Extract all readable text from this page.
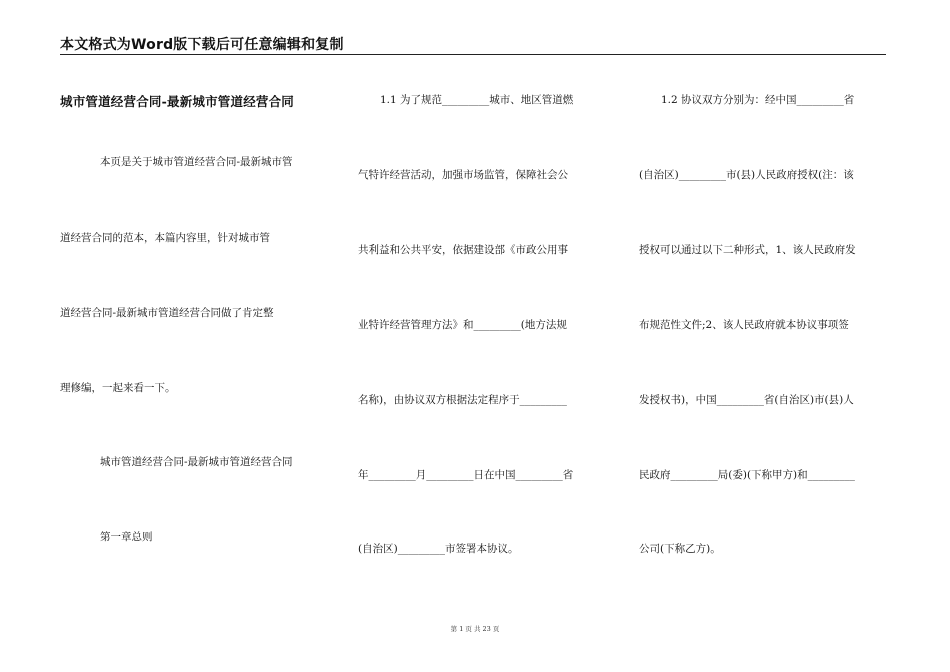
本文格式为Word版下载后可任意编辑和复制
城市管道经营合同-最新城市管道经营合同
本页是关于城市管道经营合同-最新城市管
道经营合同的范本，本篇内容里，针对城市管
道经营合同-最新城市管道经营合同做了肯定整
理修编，一起来看一下。
城市管道经营合同-最新城市管道经营合同
第一章总则
1.1 为了规范_________城市、地区管道燃
气特许经营活动，加强市场监管，保障社会公
共利益和公共平安，依据建设部《市政公用事
业特许经营管理方法》和_________(地方法规
名称)，由协议双方根据法定程序于_________
年_________月_________日在中国_________省
(自治区)_________市签署本协议。
1.2 协议双方分别为：经中国_________省
(自治区)_________市(县)人民政府授权(注：该
授权可以通过以下二种形式，1、该人民政府发
布规范性文件;2、该人民政府就本协议事项签
发授权书)，中国_________省(自治区)市(县)人
民政府_________局(委)(下称甲方)和_________
公司(下称乙方)。
第 1 页 共 23 页
